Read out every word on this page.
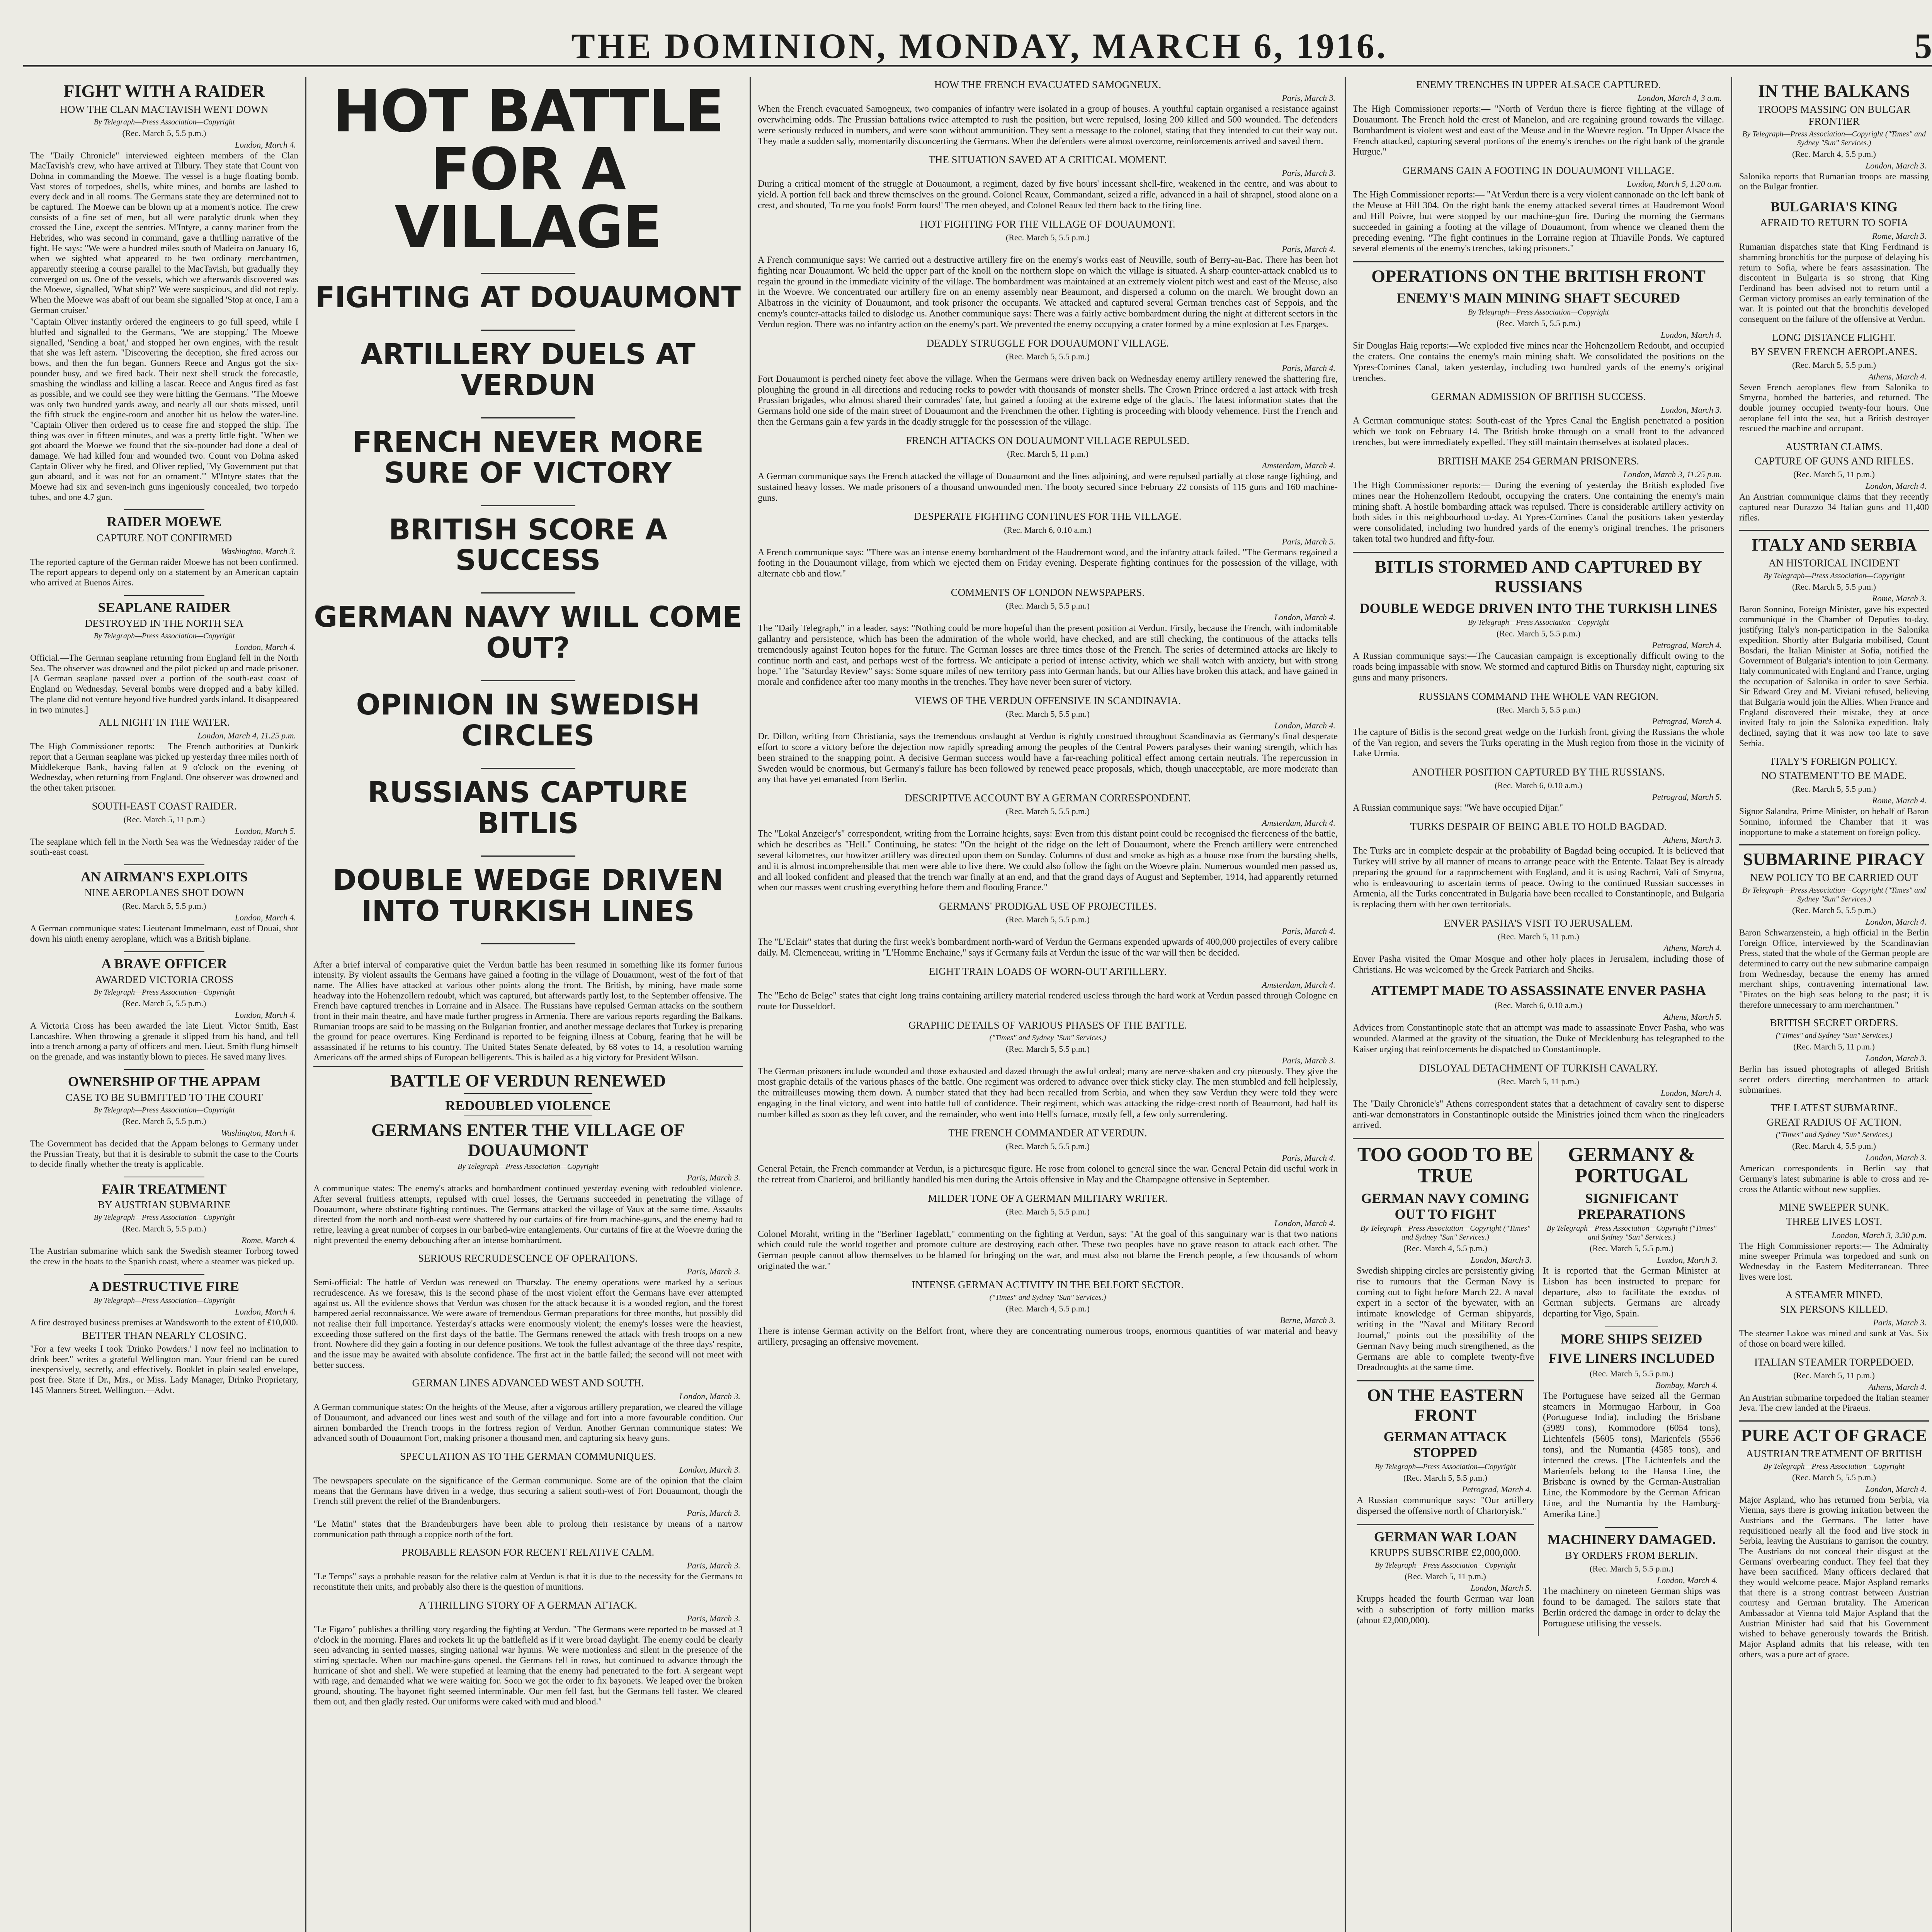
THE DOMINION, MONDAY, MARCH 6, 1916.	5
FIGHT WITH A RAIDER
HOW THE CLAN MACTAVISH WENT DOWN
By Telegraph—Press Association—Copyright
(Rec. March 5, 5.5 p.m.)
London, March 4.

The "Daily Chronicle" interviewed eighteen members of the Clan MacTavish's crew, who have arrived at Tilbury. They state that Count von Dohna in commanding the Moewe. The vessel is a huge floating bomb. Vast stores of torpedoes, shells, white mines, and bombs are lashed to every deck and in all rooms. The Germans state they are determined not to be captured. The Moewe can be blown up at a moment's notice. The crew consists of a fine set of men, but all were paralytic drunk when they crossed the Line, except the sentries. M'Intyre, a canny mariner from the Hebrides, who was second in command, gave a thrilling narrative of the fight. He says: "We were a hundred miles south of Madeira on January 16, when we sighted what appeared to be two ordinary merchantmen, apparently steering a course parallel to the MacTavish, but gradually they converged on us. One of the vessels, which we afterwards discovered was the Moewe, signalled, 'What ship?' We were suspicious, and did not reply. When the Moewe was abaft of our beam she signalled 'Stop at once, I am a German cruiser.'

"Captain Oliver instantly ordered the engineers to go full speed, while I bluffed and signalled to the Germans, 'We are stopping.' The Moewe signalled, 'Sending a boat,' and stopped her own engines, with the result that she was left astern. "Discovering the deception, she fired across our bows, and then the fun began. Gunners Reece and Angus got the six-pounder busy, and we fired back. Their next shell struck the forecastle, smashing the windlass and killing a lascar. Reece and Angus fired as fast as possible, and we could see they were hitting the Germans. "The Moewe was only two hundred yards away, and nearly all our shots missed, until the fifth struck the engine-room and another hit us below the water-line. "Captain Oliver then ordered us to cease fire and stopped the ship. The thing was over in fifteen minutes, and was a pretty little fight. "When we got aboard the Moewe we found that the six-pounder had done a deal of damage. We had killed four and wounded two. Count von Dohna asked Captain Oliver why he fired, and Oliver replied, 'My Government put that gun aboard, and it was not for an ornament.'" M'Intyre states that the Moewe had six and seven-inch guns ingeniously concealed, two torpedo tubes, and one 4.7 gun.

RAIDER MOEWE
CAPTURE NOT CONFIRMED
Washington, March 3.

The reported capture of the German raider Moewe has not been confirmed. The report appears to depend only on a statement by an American captain who arrived at Buenos Aires.

SEAPLANE RAIDER
DESTROYED IN THE NORTH SEA
By Telegraph—Press Association—Copyright
London, March 4.

Official.—The German seaplane returning from England fell in the North Sea. The observer was drowned and the pilot picked up and made prisoner. [A German seaplane passed over a portion of the south-east coast of England on Wednesday. Several bombs were dropped and a baby killed. The plane did not venture beyond five hundred yards inland. It disappeared in two minutes.]

ALL NIGHT IN THE WATER.
London, March 4, 11.25 p.m.

The High Commissioner reports:— The French authorities at Dunkirk report that a German seaplane was picked up yesterday three miles north of Middlekerque Bank, having fallen at 9 o'clock on the evening of Wednesday, when returning from England. One observer was drowned and the other taken prisoner.

SOUTH-EAST COAST RAIDER.
(Rec. March 5, 11 p.m.)
London, March 5.

The seaplane which fell in the North Sea was the Wednesday raider of the south-east coast.

AN AIRMAN'S EXPLOITS
NINE AEROPLANES SHOT DOWN
(Rec. March 5, 5.5 p.m.)
London, March 4.

A German communique states: Lieutenant Immelmann, east of Douai, shot down his ninth enemy aeroplane, which was a British biplane.

A BRAVE OFFICER
AWARDED VICTORIA CROSS
By Telegraph—Press Association—Copyright
(Rec. March 5, 5.5 p.m.)
London, March 4.

A Victoria Cross has been awarded the late Lieut. Victor Smith, East Lancashire. When throwing a grenade it slipped from his hand, and fell into a trench among a party of officers and men. Lieut. Smith flung himself on the grenade, and was instantly blown to pieces. He saved many lives.

OWNERSHIP OF THE APPAM
CASE TO BE SUBMITTED TO THE COURT
By Telegraph—Press Association—Copyright
(Rec. March 5, 5.5 p.m.)
Washington, March 4.

The Government has decided that the Appam belongs to Germany under the Prussian Treaty, but that it is desirable to submit the case to the Courts to decide finally whether the treaty is applicable.

FAIR TREATMENT
BY AUSTRIAN SUBMARINE
By Telegraph—Press Association—Copyright
(Rec. March 5, 5.5 p.m.)
Rome, March 4.

The Austrian submarine which sank the Swedish steamer Torborg towed the crew in the boats to the Spanish coast, where a steamer was picked up.

A DESTRUCTIVE FIRE
By Telegraph—Press Association—Copyright
London, March 4.

A fire destroyed business premises at Wandsworth to the extent of £10,000.

BETTER THAN NEARLY CLOSING.

"For a few weeks I took 'Drinko Powders.' I now feel no inclination to drink beer." writes a grateful Wellington man. Your friend can be cured inexpensively, secretly, and effectively. Booklet in plain sealed envelope, post free. State if Dr., Mrs., or Miss. Lady Manager, Drinko Proprietary, 145 Manners Street, Wellington.—Advt.

HOT BATTLE FOR A VILLAGE
FIGHTING AT DOUAUMONT
ARTILLERY DUELS AT VERDUN
FRENCH NEVER MORE SURE OF VICTORY
BRITISH SCORE A SUCCESS
GERMAN NAVY WILL COME OUT?
OPINION IN SWEDISH CIRCLES
RUSSIANS CAPTURE BITLIS
DOUBLE WEDGE DRIVEN INTO TURKISH LINES

After a brief interval of comparative quiet the Verdun battle has been resumed in something like its former furious intensity. By violent assaults the Germans have gained a footing in the village of Douaumont, west of the fort of that name. The Allies have attacked at various other points along the front. The British, by mining, have made some headway into the Hohenzollern redoubt, which was captured, but afterwards partly lost, to the September offensive. The French have captured trenches in Lorraine and in Alsace. The Russians have repulsed German attacks on the southern front in their main theatre, and have made further progress in Armenia. There are various reports regarding the Balkans. Rumanian troops are said to be massing on the Bulgarian frontier, and another message declares that Turkey is preparing the ground for peace overtures. King Ferdinand is reported to be feigning illness at Coburg, fearing that he will be assassinated if he returns to his country. The United States Senate defeated, by 68 votes to 14, a resolution warning Americans off the armed ships of European belligerents. This is hailed as a big victory for President Wilson.

BATTLE OF VERDUN RENEWED
REDOUBLED VIOLENCE
GERMANS ENTER THE VILLAGE OF DOUAUMONT
By Telegraph—Press Association—Copyright
Paris, March 3.

A communique states: The enemy's attacks and bombardment continued yesterday evening with redoubled violence. After several fruitless attempts, repulsed with cruel losses, the Germans succeeded in penetrating the village of Douaumont, where obstinate fighting continues. The Germans attacked the village of Vaux at the same time. Assaults directed from the north and north-east were shattered by our curtains of fire from machine-guns, and the enemy had to retire, leaving a great number of corpses in our barbed-wire entanglements. Our curtains of fire at the Woevre during the night prevented the enemy debouching after an intense bombardment.

SERIOUS RECRUDESCENCE OF OPERATIONS.
Paris, March 3.

Semi-official: The battle of Verdun was renewed on Thursday. The enemy operations were marked by a serious recrudescence. As we foresaw, this is the second phase of the most violent effort the Germans have ever attempted against us. All the evidence shows that Verdun was chosen for the attack because it is a wooded region, and the forest hampered aerial reconnaissance. We were aware of tremendous German preparations for three months, but possibly did not realise their full importance. Yesterday's attacks were enormously violent; the enemy's losses were the heaviest, exceeding those suffered on the first days of the battle. The Germans renewed the attack with fresh troops on a new front. Nowhere did they gain a footing in our defence positions. We took the fullest advantage of the three days' respite, and the issue may be awaited with absolute confidence. The first act in the battle failed; the second will not meet with better success.

GERMAN LINES ADVANCED WEST AND SOUTH.
London, March 3.

A German communique states: On the heights of the Meuse, after a vigorous artillery preparation, we cleared the village of Douaumont, and advanced our lines west and south of the village and fort into a more favourable condition. Our airmen bombarded the French troops in the fortress region of Verdun. Another German communique states: We advanced south of Douaumont Fort, making prisoner a thousand men, and capturing six heavy guns.

SPECULATION AS TO THE GERMAN COMMUNIQUES.
London, March 3.

The newspapers speculate on the significance of the German communique. Some are of the opinion that the claim means that the Germans have driven in a wedge, thus securing a salient south-west of Fort Douaumont, though the French still prevent the relief of the Brandenburgers.

Paris, March 3.

"Le Matin" states that the Brandenburgers have been able to prolong their resistance by means of a narrow communication path through a coppice north of the fort.

PROBABLE REASON FOR RECENT RELATIVE CALM.
Paris, March 3.

"Le Temps" says a probable reason for the relative calm at Verdun is that it is due to the necessity for the Germans to reconstitute their units, and probably also there is the question of munitions.

A THRILLING STORY OF A GERMAN ATTACK.
Paris, March 3.

"Le Figaro" publishes a thrilling story regarding the fighting at Verdun. "The Germans were reported to be massed at 3 o'clock in the morning. Flares and rockets lit up the battlefield as if it were broad daylight. The enemy could be clearly seen advancing in serried masses, singing national war hymns. We were motionless and silent in the presence of the stirring spectacle. When our machine-guns opened, the Germans fell in rows, but continued to advance through the hurricane of shot and shell. We were stupefied at learning that the enemy had penetrated to the fort. A sergeant wept with rage, and demanded what we were waiting for. Soon we got the order to fix bayonets. We leaped over the broken ground, shouting. The bayonet fight seemed interminable. Our men fell fast, but the Germans fell faster. We cleared them out, and then gladly rested. Our uniforms were caked with mud and blood."

HOW THE FRENCH EVACUATED SAMOGNEUX.
Paris, March 3.

When the French evacuated Samogneux, two companies of infantry were isolated in a group of houses. A youthful captain organised a resistance against overwhelming odds. The Prussian battalions twice attempted to rush the position, but were repulsed, losing 200 killed and 500 wounded. The defenders were seriously reduced in numbers, and were soon without ammunition. They sent a message to the colonel, stating that they intended to cut their way out. They made a sudden sally, momentarily disconcerting the Germans. When the defenders were almost overcome, reinforcements arrived and saved them.

THE SITUATION SAVED AT A CRITICAL MOMENT.
Paris, March 3.

During a critical moment of the struggle at Douaumont, a regiment, dazed by five hours' incessant shell-fire, weakened in the centre, and was about to yield. A portion fell back and threw themselves on the ground. Colonel Reaux, Commandant, seized a rifle, advanced in a hail of shrapnel, stood alone on a crest, and shouted, 'To me you fools! Form fours!' The men obeyed, and Colonel Reaux led them back to the firing line.

HOT FIGHTING FOR THE VILLAGE OF DOUAUMONT.
(Rec. March 5, 5.5 p.m.)
Paris, March 4.

A French communique says: We carried out a destructive artillery fire on the enemy's works east of Neuville, south of Berry-au-Bac. There has been hot fighting near Douaumont. We held the upper part of the knoll on the northern slope on which the village is situated. A sharp counter-attack enabled us to regain the ground in the immediate vicinity of the village. The bombardment was maintained at an extremely violent pitch west and east of the Meuse, also in the Woevre. We concentrated our artillery fire on an enemy assembly near Beaumont, and dispersed a column on the march. We brought down an Albatross in the vicinity of Douaumont, and took prisoner the occupants. We attacked and captured several German trenches east of Seppois, and the enemy's counter-attacks failed to dislodge us. Another communique says: There was a fairly active bombardment during the night at different sectors in the Verdun region. There was no infantry action on the enemy's part. We prevented the enemy occupying a crater formed by a mine explosion at Les Eparges.

DEADLY STRUGGLE FOR DOUAUMONT VILLAGE.
(Rec. March 5, 5.5 p.m.)
Paris, March 4.

Fort Douaumont is perched ninety feet above the village. When the Germans were driven back on Wednesday enemy artillery renewed the shattering fire, ploughing the ground in all directions and reducing rocks to powder with thousands of monster shells. The Crown Prince ordered a last attack with fresh Prussian brigades, who almost shared their comrades' fate, but gained a footing at the extreme edge of the glacis. The latest information states that the Germans hold one side of the main street of Douaumont and the Frenchmen the other. Fighting is proceeding with bloody vehemence. First the French and then the Germans gain a few yards in the deadly struggle for the possession of the village.

FRENCH ATTACKS ON DOUAUMONT VILLAGE REPULSED.
(Rec. March 5, 11 p.m.)
Amsterdam, March 4.

A German communique says the French attacked the village of Douaumont and the lines adjoining, and were repulsed partially at close range fighting, and sustained heavy losses. We made prisoners of a thousand unwounded men. The booty secured since February 22 consists of 115 guns and 160 machine-guns.

DESPERATE FIGHTING CONTINUES FOR THE VILLAGE.
(Rec. March 6, 0.10 a.m.)
Paris, March 5.

A French communique says: "There was an intense enemy bombardment of the Haudremont wood, and the infantry attack failed. "The Germans regained a footing in the Douaumont village, from which we ejected them on Friday evening. Desperate fighting continues for the possession of the village, with alternate ebb and flow."

COMMENTS OF LONDON NEWSPAPERS.
(Rec. March 5, 5.5 p.m.)
London, March 4.

The "Daily Telegraph," in a leader, says: "Nothing could be more hopeful than the present position at Verdun. Firstly, because the French, with indomitable gallantry and persistence, which has been the admiration of the whole world, have checked, and are still checking, the continuous of the attacks tells tremendously against Teuton hopes for the future. The German losses are three times those of the French. The series of determined attacks are likely to continue north and east, and perhaps west of the fortress. We anticipate a period of intense activity, which we shall watch with anxiety, but with strong hope." The "Saturday Review" says: Some square miles of new territory pass into German hands, but our Allies have broken this attack, and have gained in morale and confidence after too many months in the trenches. They have never been surer of victory.

VIEWS OF THE VERDUN OFFENSIVE IN SCANDINAVIA.
(Rec. March 5, 5.5 p.m.)
London, March 4.

Dr. Dillon, writing from Christiania, says the tremendous onslaught at Verdun is rightly construed throughout Scandinavia as Germany's final desperate effort to score a victory before the dejection now rapidly spreading among the peoples of the Central Powers paralyses their waning strength, which has been strained to the snapping point. A decisive German success would have a far-reaching political effect among certain neutrals. The repercussion in Sweden would be enormous, but Germany's failure has been followed by renewed peace proposals, which, though unacceptable, are more moderate than any that have yet emanated from Berlin.

DESCRIPTIVE ACCOUNT BY A GERMAN CORRESPONDENT.
(Rec. March 5, 5.5 p.m.)
Amsterdam, March 4.

The "Lokal Anzeiger's" correspondent, writing from the Lorraine heights, says: Even from this distant point could be recognised the fierceness of the battle, which he describes as "Hell." Continuing, he states: "On the height of the ridge on the left of Douaumont, where the French artillery were entrenched several kilometres, our howitzer artillery was directed upon them on Sunday. Columns of dust and smoke as high as a house rose from the bursting shells, and it is almost incomprehensible that men were able to live there. We could also follow the fight on the Woevre plain. Numerous wounded men passed us, and all looked confident and pleased that the trench war finally at an end, and that the grand days of August and September, 1914, had apparently returned when our masses went crushing everything before them and flooding France."

GERMANS' PRODIGAL USE OF PROJECTILES.
(Rec. March 5, 5.5 p.m.)
Paris, March 4.

The "L'Eclair" states that during the first week's bombardment north-ward of Verdun the Germans expended upwards of 400,000 projectiles of every calibre daily. M. Clemenceau, writing in "L'Homme Enchaine," says if Germany fails at Verdun the issue of the war will then be decided.

EIGHT TRAIN LOADS OF WORN-OUT ARTILLERY.
Amsterdam, March 4.

The "Echo de Belge" states that eight long trains containing artillery material rendered useless through the hard work at Verdun passed through Cologne en route for Dusseldorf.

GRAPHIC DETAILS OF VARIOUS PHASES OF THE BATTLE.
("Times" and Sydney "Sun" Services.)
(Rec. March 5, 5.5 p.m.)
Paris, March 3.

The German prisoners include wounded and those exhausted and dazed through the awful ordeal; many are nerve-shaken and cry piteously. They give the most graphic details of the various phases of the battle. One regiment was ordered to advance over thick sticky clay. The men stumbled and fell helplessly, the mitrailleuses mowing them down. A number stated that they had been recalled from Serbia, and when they saw Verdun they were told they were engaging in the final victory, and went into battle full of confidence. Their regiment, which was attacking the ridge-crest north of Beaumont, had half its number killed as soon as they left cover, and the remainder, who went into Hell's furnace, mostly fell, a few only surrendering.

THE FRENCH COMMANDER AT VERDUN.
(Rec. March 5, 5.5 p.m.)
Paris, March 4.

General Petain, the French commander at Verdun, is a picturesque figure. He rose from colonel to general since the war. General Petain did useful work in the retreat from Charleroi, and brilliantly handled his men during the Artois offensive in May and the Champagne offensive in September.

MILDER TONE OF A GERMAN MILITARY WRITER.
(Rec. March 5, 5.5 p.m.)
London, March 4.

Colonel Moraht, writing in the "Berliner Tageblatt," commenting on the fighting at Verdun, says: "At the goal of this sanguinary war is that two nations which could rule the world together and promote culture are destroying each other. These two peoples have no grave reason to attack each other. The German people cannot allow themselves to be blamed for bringing on the war, and must also not blame the French people, a few thousands of whom originated the war."

INTENSE GERMAN ACTIVITY IN THE BELFORT SECTOR.
("Times" and Sydney "Sun" Services.)
(Rec. March 4, 5.5 p.m.)
Berne, March 3.

There is intense German activity on the Belfort front, where they are concentrating numerous troops, enormous quantities of war material and heavy artillery, presaging an offensive movement.

ENEMY TRENCHES IN UPPER ALSACE CAPTURED.
London, March 4, 3 a.m.

The High Commissioner reports:— "North of Verdun there is fierce fighting at the village of Douaumont. The French hold the crest of Manelon, and are regaining ground towards the village. Bombardment is violent west and east of the Meuse and in the Woevre region. "In Upper Alsace the French attacked, capturing several portions of the enemy's trenches on the right bank of the grande Hurgue."

GERMANS GAIN A FOOTING IN DOUAUMONT VILLAGE.
London, March 5, 1.20 a.m.

The High Commissioner reports:— "At Verdun there is a very violent cannonade on the left bank of the Meuse at Hill 304. On the right bank the enemy attacked several times at Haudremont Wood and Hill Poivre, but were stopped by our machine-gun fire. During the morning the Germans succeeded in gaining a footing at the village of Douaumont, from whence we cleaned them the preceding evening. "The fight continues in the Lorraine region at Thiaville Ponds. We captured several elements of the enemy's trenches, taking prisoners."

OPERATIONS ON THE BRITISH FRONT
ENEMY'S MAIN MINING SHAFT SECURED
By Telegraph—Press Association—Copyright
(Rec. March 5, 5.5 p.m.)
London, March 4.

Sir Douglas Haig reports:—We exploded five mines near the Hohenzollern Redoubt, and occupied the craters. One contains the enemy's main mining shaft. We consolidated the positions on the Ypres-Comines Canal, taken yesterday, including two hundred yards of the enemy's original trenches.

GERMAN ADMISSION OF BRITISH SUCCESS.
London, March 3.

A German communique states: South-east of the Ypres Canal the English penetrated a position which we took on February 14. The British broke through on a small front to the advanced trenches, but were immediately expelled. They still maintain themselves at isolated places.

BRITISH MAKE 254 GERMAN PRISONERS.
London, March 3, 11.25 p.m.

The High Commissioner reports:— During the evening of yesterday the British exploded five mines near the Hohenzollern Redoubt, occupying the craters. One containing the enemy's main mining shaft. A hostile bombarding attack was repulsed. There is considerable artillery activity on both sides in this neighbourhood to-day. At Ypres-Comines Canal the positions taken yesterday were consolidated, including two hundred yards of the enemy's original trenches. The prisoners taken total two hundred and fifty-four.

BITLIS STORMED AND CAPTURED BY RUSSIANS
DOUBLE WEDGE DRIVEN INTO THE TURKISH LINES
By Telegraph—Press Association—Copyright
(Rec. March 5, 5.5 p.m.)
Petrograd, March 4.

A Russian communique says:—The Caucasian campaign is exceptionally difficult owing to the roads being impassable with snow. We stormed and captured Bitlis on Thursday night, capturing six guns and many prisoners.

RUSSIANS COMMAND THE WHOLE VAN REGION.
(Rec. March 5, 5.5 p.m.)
Petrograd, March 4.

The capture of Bitlis is the second great wedge on the Turkish front, giving the Russians the whole of the Van region, and severs the Turks operating in the Mush region from those in the vicinity of Lake Urmia.

ANOTHER POSITION CAPTURED BY THE RUSSIANS.
(Rec. March 6, 0.10 a.m.)
Petrograd, March 5.

A Russian communique says: "We have occupied Dijar."

TURKS DESPAIR OF BEING ABLE TO HOLD BAGDAD.
Athens, March 3.

The Turks are in complete despair at the probability of Bagdad being occupied. It is believed that Turkey will strive by all manner of means to arrange peace with the Entente. Talaat Bey is already preparing the ground for a rapprochement with England, and it is using Rachmi, Vali of Smyrna, who is endeavouring to ascertain terms of peace. Owing to the continued Russian successes in Armenia, all the Turks concentrated in Bulgaria have been recalled to Constantinople, and Bulgaria is replacing them with her own territorials.

ENVER PASHA'S VISIT TO JERUSALEM.
(Rec. March 5, 11 p.m.)
Athens, March 4.

Enver Pasha visited the Omar Mosque and other holy places in Jerusalem, including those of Christians. He was welcomed by the Greek Patriarch and Sheiks.

ATTEMPT MADE TO ASSASSINATE ENVER PASHA
(Rec. March 6, 0.10 a.m.)
Athens, March 5.

Advices from Constantinople state that an attempt was made to assassinate Enver Pasha, who was wounded. Alarmed at the gravity of the situation, the Duke of Mecklenburg has telegraphed to the Kaiser urging that reinforcements be dispatched to Constantinople.

DISLOYAL DETACHMENT OF TURKISH CAVALRY.
(Rec. March 5, 11 p.m.)
London, March 4.

The "Daily Chronicle's" Athens correspondent states that a detachment of cavalry sent to disperse anti-war demonstrators in Constantinople outside the Ministries joined them when the ringleaders arrived.

TOO GOOD TO BE TRUE
GERMAN NAVY COMING OUT TO FIGHT
By Telegraph—Press Association—Copyright ("Times" and Sydney "Sun" Services.)
(Rec. March 4, 5.5 p.m.)
London, March 3.

Swedish shipping circles are persistently giving rise to rumours that the German Navy is coming out to fight before March 22. A naval expert in a sector of the byewater, with an intimate knowledge of German shipyards, writing in the "Naval and Military Record Journal," points out the possibility of the German Navy being much strengthened, as the Germans are able to complete twenty-five Dreadnoughts at the same time.

ON THE EASTERN FRONT
GERMAN ATTACK STOPPED
By Telegraph—Press Association—Copyright
(Rec. March 5, 5.5 p.m.)
Petrograd, March 4.

A Russian communique says: "Our artillery dispersed the offensive north of Chartoryisk."

GERMAN WAR LOAN
KRUPPS SUBSCRIBE £2,000,000.
By Telegraph—Press Association—Copyright
(Rec. March 5, 11 p.m.)
London, March 5.

Krupps headed the fourth German war loan with a subscription of forty million marks (about £2,000,000).

GERMANY & PORTUGAL
SIGNIFICANT PREPARATIONS
By Telegraph—Press Association—Copyright ("Times" and Sydney "Sun" Services.)
(Rec. March 5, 5.5 p.m.)
London, March 3.

It is reported that the German Minister at Lisbon has been instructed to prepare for departure, also to facilitate the exodus of German subjects. Germans are already departing for Vigo, Spain.

MORE SHIPS SEIZED
FIVE LINERS INCLUDED
(Rec. March 5, 5.5 p.m.)
Bombay, March 4.

The Portuguese have seized all the German steamers in Mormugao Harbour, in Goa (Portuguese India), including the Brisbane (5989 tons), Kommodore (6054 tons), Lichtenfels (5605 tons), Marienfels (5556 tons), and the Numantia (4585 tons), and interned the crews. [The Lichtenfels and the Marienfels belong to the Hansa Line, the Brisbane is owned by the German-Australian Line, the Kommodore by the German African Line, and the Numantia by the Hamburg-Amerika Line.]

MACHINERY DAMAGED.
BY ORDERS FROM BERLIN.
(Rec. March 5, 5.5 p.m.)
London, March 4.

The machinery on nineteen German ships was found to be damaged. The sailors state that Berlin ordered the damage in order to delay the Portuguese utilising the vessels.

IN THE BALKANS
TROOPS MASSING ON BULGAR FRONTIER
By Telegraph—Press Association—Copyright ("Times" and Sydney "Sun" Services.)
(Rec. March 4, 5.5 p.m.)
London, March 3.

Salonika reports that Rumanian troops are massing on the Bulgar frontier.

BULGARIA'S KING
AFRAID TO RETURN TO SOFIA
Rome, March 3.

Rumanian dispatches state that King Ferdinand is shamming bronchitis for the purpose of delaying his return to Sofia, where he fears assassination. The discontent in Bulgaria is so strong that King Ferdinand has been advised not to return until a German victory promises an early termination of the war. It is pointed out that the bronchitis developed consequent on the failure of the offensive at Verdun.

LONG DISTANCE FLIGHT.
BY SEVEN FRENCH AEROPLANES.
(Rec. March 5, 5.5 p.m.)
Athens, March 4.

Seven French aeroplanes flew from Salonika to Smyrna, bombed the batteries, and returned. The double journey occupied twenty-four hours. One aeroplane fell into the sea, but a British destroyer rescued the machine and occupant.

AUSTRIAN CLAIMS.
CAPTURE OF GUNS AND RIFLES.
(Rec. March 5, 11 p.m.)
London, March 4.

An Austrian communique claims that they recently captured near Durazzo 34 Italian guns and 11,400 rifles.

ITALY AND SERBIA
AN HISTORICAL INCIDENT
By Telegraph—Press Association—Copyright
(Rec. March 5, 5.5 p.m.)
Rome, March 3.

Baron Sonnino, Foreign Minister, gave his expected communiqué in the Chamber of Deputies to-day, justifying Italy's non-participation in the Salonika expedition. Shortly after Bulgaria mobilised, Count Bosdari, the Italian Minister at Sofia, notified the Government of Bulgaria's intention to join Germany. Italy communicated with England and France, urging the occupation of Salonika in order to save Serbia. Sir Edward Grey and M. Viviani refused, believing that Bulgaria would join the Allies. When France and England discovered their mistake, they at once invited Italy to join the Salonika expedition. Italy declined, saying that it was now too late to save Serbia.

ITALY'S FOREIGN POLICY.
NO STATEMENT TO BE MADE.
(Rec. March 5, 5.5 p.m.)
Rome, March 4.

Signor Salandra, Prime Minister, on behalf of Baron Sonnino, informed the Chamber that it was inopportune to make a statement on foreign policy.

SUBMARINE PIRACY
NEW POLICY TO BE CARRIED OUT
By Telegraph—Press Association—Copyright ("Times" and Sydney "Sun" Services.)
(Rec. March 5, 5.5 p.m.)
London, March 4.

Baron Schwarzenstein, a high official in the Berlin Foreign Office, interviewed by the Scandinavian Press, stated that the whole of the German people are determined to carry out the new submarine campaign from Wednesday, because the enemy has armed merchant ships, contravening international law. "Pirates on the high seas belong to the past; it is therefore unnecessary to arm merchantmen."

BRITISH SECRET ORDERS.
("Times" and Sydney "Sun" Services.)
(Rec. March 5, 11 p.m.)
London, March 3.

Berlin has issued photographs of alleged British secret orders directing merchantmen to attack submarines.

THE LATEST SUBMARINE.
GREAT RADIUS OF ACTION.
("Times" and Sydney "Sun" Services.)
(Rec. March 4, 5.5 p.m.)
London, March 3.

American correspondents in Berlin say that Germany's latest submarine is able to cross and re-cross the Atlantic without new supplies.

MINE SWEEPER SUNK.
THREE LIVES LOST.
London, March 3, 3.30 p.m.

The High Commissioner reports:— The Admiralty mine sweeper Primula was torpedoed and sunk on Wednesday in the Eastern Mediterranean. Three lives were lost.

A STEAMER MINED.
SIX PERSONS KILLED.
Paris, March 3.

The steamer Lakoe was mined and sunk at Vas. Six of those on board were killed.

ITALIAN STEAMER TORPEDOED.
(Rec. March 5, 11 p.m.)
Athens, March 4.

An Austrian submarine torpedoed the Italian steamer Jeva. The crew landed at the Piraeus.

PURE ACT OF GRACE
AUSTRIAN TREATMENT OF BRITISH
By Telegraph—Press Association—Copyright
(Rec. March 5, 5.5 p.m.)
London, March 4.

Major Aspland, who has returned from Serbia, via Vienna, says there is growing irritation between the Austrians and the Germans. The latter have requisitioned nearly all the food and live stock in Serbia, leaving the Austrians to garrison the country. The Austrians do not conceal their disgust at the Germans' overbearing conduct. They feel that they have been sacrificed. Many officers declared that they would welcome peace. Major Aspland remarks that there is a strong contrast between Austrian courtesy and German brutality. The American Ambassador at Vienna told Major Aspland that the Austrian Minister had said that his Government wished to behave generously towards the British. Major Aspland admits that his release, with ten others, was a pure act of grace.
